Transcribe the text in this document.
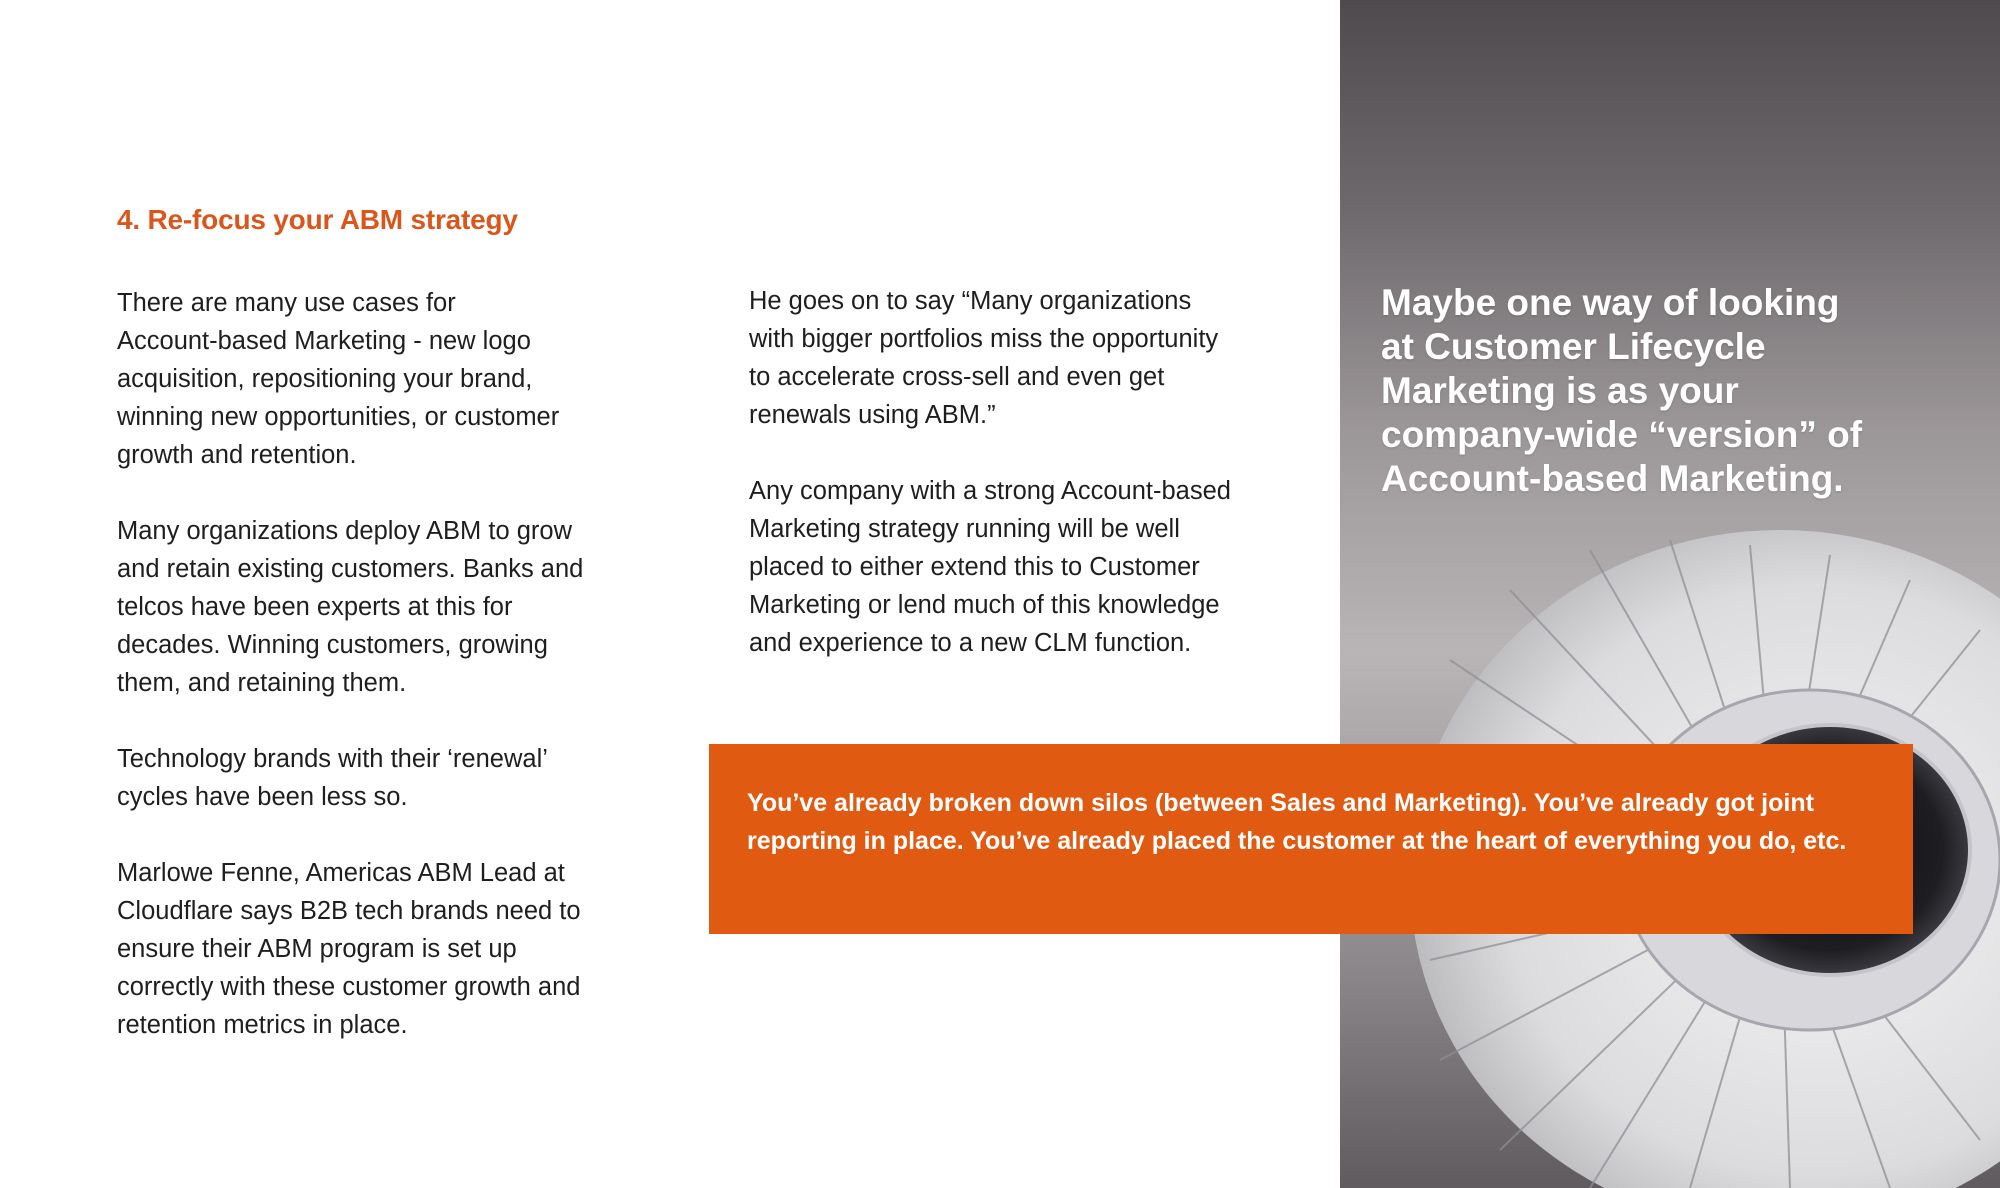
4. Re-focus your ABM strategy

There are many use cases for
Account-based Marketing - new logo
acquisition, repositioning your brand,
winning new opportunities, or customer
growth and retention.

Many organizations deploy ABM to grow
and retain existing customers. Banks and
telcos have been experts at this for
decades. Winning customers, growing
them, and retaining them.

Technology brands with their ‘renewal’
cycles have been less so.

Marlowe Fenne, Americas ABM Lead at
Cloudflare says B2B tech brands need to
ensure their ABM program is set up
correctly with these customer growth and
retention metrics in place.

He goes on to say “Many organizations
with bigger portfolios miss the opportunity
to accelerate cross-sell and even get
renewals using ABM.”

Any company with a strong Account-based
Marketing strategy running will be well
placed to either extend this to Customer
Marketing or lend much of this knowledge
and experience to a new CLM function.

Maybe one way of looking
at Customer Lifecycle
Marketing is as your
company-wide “version” of
Account-based Marketing.

You’ve already broken down silos (between Sales and Marketing). You’ve already got joint
reporting in place. You’ve already placed the customer at the heart of everything you do, etc.
